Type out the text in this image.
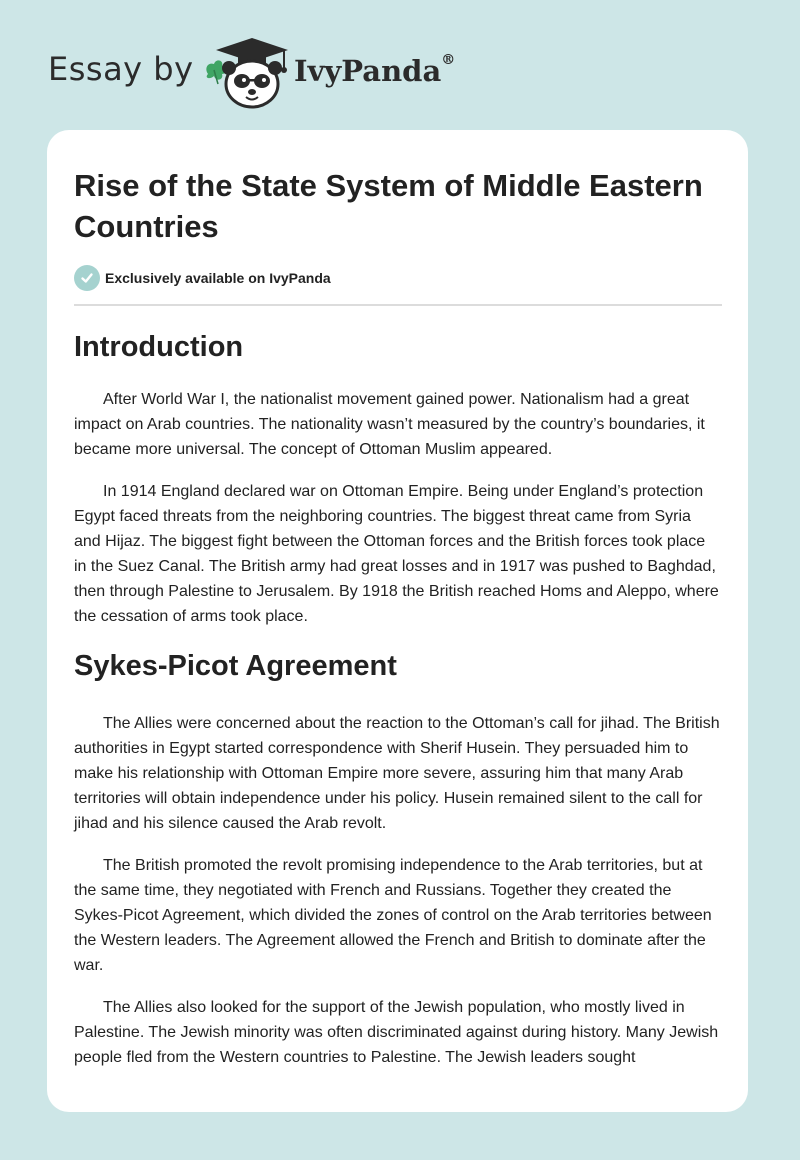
Essay by	IvyPanda®
Rise of the State System of Middle Eastern Countries
Exclusively available on IvyPanda
Introduction

After World War I, the nationalist movement gained power. Nationalism had a great impact on Arab countries. The nationality wasn’t measured by the country’s boundaries, it became more universal. The concept of Ottoman Muslim appeared.

In 1914 England declared war on Ottoman Empire. Being under England’s protection Egypt faced threats from the neighboring countries. The biggest threat came from Syria and Hijaz. The biggest fight between the Ottoman forces and the British forces took place in the Suez Canal. The British army had great losses and in 1917 was pushed to Baghdad, then through Palestine to Jerusalem. By 1918 the British reached Homs and Aleppo, where the cessation of arms took place.

Sykes-Picot Agreement

The Allies were concerned about the reaction to the Ottoman’s call for jihad. The British authorities in Egypt started correspondence with Sherif Husein. They persuaded him to make his relationship with Ottoman Empire more severe, assuring him that many Arab territories will obtain independence under his policy. Husein remained silent to the call for jihad and his silence caused the Arab revolt.

The British promoted the revolt promising independence to the Arab territories, but at the same time, they negotiated with French and Russians. Together they created the Sykes-Picot Agreement, which divided the zones of control on the Arab territories between the Western leaders. The Agreement allowed the French and British to dominate after the war.

The Allies also looked for the support of the Jewish population, who mostly lived in Palestine. The Jewish minority was often discriminated against during history. Many Jewish people fled from the Western countries to Palestine. The Jewish leaders sought
